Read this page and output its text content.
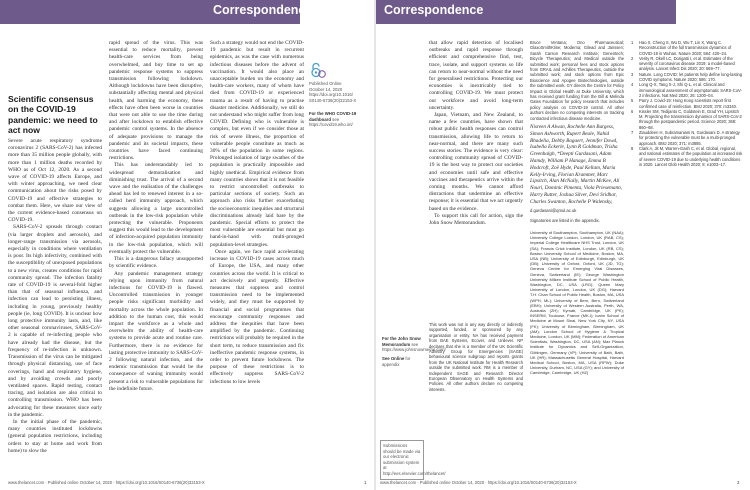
Correspondence
Scientific consensus on the COVID-19 pandemic: we need to act now

Severe acute respiratory syndrome coronavirus 2 (SARS-CoV-2) has infected more than 35 million people globally, with more than 1 million deaths recorded by WHO as of Oct 12, 2020. As a second wave of COVID-19 affects Europe, and with winter approaching, we need clear communication about the risks posed by COVID-19 and effective strategies to combat them. Here, we share our view of the current evidence-based consensus on COVID-19.

SARS-CoV-2 spreads through contact (via larger droplets and aerosols), and longer-range transmission via aerosols, especially in conditions where ventilation is poor. Its high infectivity, combined with the susceptibility of unexposed populations to a new virus, creates conditions for rapid community spread. The infection fatality rate of COVID-19 is several-fold higher than that of seasonal influenza, and infection can lead to persisting illness, including in young, previously healthy people (ie, long COVID). It is unclear how long protective immunity lasts, and, like other seasonal coronaviruses, SARS-CoV-2 is capable of re-infecting people who have already had the disease, but the frequency of re-infection is unknown. Transmission of the virus can be mitigated through physical distancing, use of face coverings, hand and respiratory hygiene, and by avoiding crowds and poorly ventilated spaces. Rapid testing, contact tracing, and isolation are also critical to controlling transmission. WHO has been advocating for these measures since early in the pandemic.

In the initial phase of the pandemic, many countries instituted lockdowns (general population restrictions, including orders to stay at home and work from home) to slow the

rapid spread of the virus. This was essential to reduce mortality, prevent health-care services from being overwhelmed, and buy time to set up pandemic response systems to suppress transmission following lockdown. Although lockdowns have been disruptive, substantially affecting mental and physical health, and harming the economy, these effects have often been worse in countries that were not able to use the time during and after lockdown to establish effective pandemic control systems. In the absence of adequate provisions to manage the pandemic and its societal impacts, these countries have faced continuing restrictions.

This has understandably led to widespread demoralisation and diminishing trust. The arrival of a second wave and the realisation of the challenges ahead has led to renewed interest in a so-called herd immunity approach, which suggests allowing a large uncontrolled outbreak in the low-risk population while protecting the vulnerable. Proponents suggest this would lead to the development of infection-acquired population immunity in the low-risk population, which will eventually protect the vulnerable.

This is a dangerous fallacy unsupported by scientific evidence.

Any pandemic management strategy relying upon immunity from natural infections for COVID-19 is flawed. Uncontrolled transmission in younger people risks significant morbidity and mortality across the whole population. In addition to the human cost, this would impact the workforce as a whole and overwhelm the ability of health-care systems to provide acute and routine care. Furthermore, there is no evidence for lasting protective immunity to SARS-CoV-2 following natural infection, and the endemic transmission that would be the consequence of waning immunity would present a risk to vulnerable populations for the indefinite future.

Such a strategy would not end the COVID-19 pandemic but result in recurrent epidemics, as was the case with numerous infectious diseases before the advent of vaccination. It would also place an unacceptable burden on the economy and health-care workers, many of whom have died from COVID-19 or experienced trauma as a result of having to practise disaster medicine. Additionally, we still do not understand who might suffer from long COVID. Defining who is vulnerable is complex, but even if we consider those at risk of severe illness, the proportion of vulnerable people constitute as much as 30% of the population in some regions. Prolonged isolation of large swathes of the population is practically impossible and highly unethical. Empirical evidence from many countries shows that it is not feasible to restrict uncontrolled outbreaks to particular sections of society. Such an approach also risks further exacerbating the socioeconomic inequities and structural discriminations already laid bare by the pandemic. Special efforts to protect the most vulnerable are essential but must go hand-in-hand with multi-pronged population-level strategies.

Once again, we face rapid accelerating increase in COVID-19 cases across much of Europe, the USA, and many other countries across the world. It is critical to act decisively and urgently. Effective measures that suppress and control transmission need to be implemented widely, and they must be supported by financial and social programmes that encourage community responses and address the inequities that have been amplified by the pandemic. Continuing restrictions will probably be required in the short term, to reduce transmission and fix ineffective pandemic response systems, in order to prevent future lockdowns. The purpose of these restrictions is to effectively suppress SARS-CoV-2 infections to low levels

Published Online
October 14, 2020
https://doi.org/10.1016/
S0140-6736(20)32153-X
For the WHO COVID-19 dashboard see https://covid19.who.int/
www.thelancet.com · Published online October 14, 2020 · https://doi.org/10.1016/S0140-6736(20)32153-X	1
Correspondence
For the John Snow Memorandum see https://www.johnsnowmemo.com/
See Online for appendix
Submissions should be made via our electronic submission system at http://ees.elsevier.com/thelancet/

that allow rapid detection of localised outbreaks and rapid response through efficient and comprehensive find, test, trace, isolate, and support systems so life can return to near-normal without the need for generalised restrictions. Protecting our economies is inextricably tied to controlling COVID-19. We must protect our workforce and avoid long-term uncertainty.

Japan, Vietnam, and New Zealand, to name a few countries, have shown that robust public health responses can control transmission, allowing life to return to near-normal, and there are many such success stories. The evidence is very clear: controlling community spread of COVID-19 is the best way to protect our societies and economies until safe and effective vaccines and therapeutics arrive within the coming months. We cannot afford distractions that undermine an effective response; it is essential that we act urgently based on the evidence.

To support this call for action, sign the John Snow Memorandum.

This work was not in any way directly or indirectly supported, funded, or sponsored by any organisation or entity. NA has received payment from BAE Systems, Ecover, and Unilever. NP declares that she is a member of the UK Scientific Advisory Group for Emergencies (SAGE) behavioural science subgroup and reports grants from the UK National Institute for Health Research outside the submitted work. RM is a member of Independent SAGE and Research Director European Observatory on Health Systems and Policies. All other authors declare no competing interests.
Bruce Ventana; Ono Pharmaceutical; GlaxoSmithKline; Moderna; Gilead and Janssen; Sarah Carson Research Institute; Genentech; Bicycle Therapeutics; and Medical outside the submitted work; personal fees and stock options from GRAIL and Achilles Therapeutics, outside the submitted work; and stock options from Epic Bioscience and Apogee Biotechnologies, outside the submitted work. GY directs the Centre for Policy Impact in Global Health at Duke University, which has received grant funding from the Bill & Melinda Gates Foundation for policy research that includes policy analysis on COVID-19 control. All other authors declare no competing interests on tracking contracted infectious disease medicine.
Nisreen A Alwan, Rochelle Ann Burgess, Simon Ashworth, Rupert Beale, Nahid Bhadelia, Debby Bogaert, Jennifer Dowd, Isabella Eckerle, Lynn R Goldman, Trisha Greenhalgh, *Deepti Gurdasani, Adam Hamdy, William P Hanage, Emma B Hodcroft, Zoë Hyde, Paul Kellam, Maria Kelly-Irving, Florian Krammer, Marc Lipsitch, Alan McNally, Martin McKee, Ali Nouri, Dominic Pimenta, Viola Priesemann, Harry Rutter, Joshua Silver, Devi Sridhar, Charles Swanton, Rochelle P Walensky,
d.gurdasani@qmul.ac.uk
Signatories are listed in the appendix.
University of Southampton, Southampton, UK (NAA); University College London, London, UK (RAB, CS); Imperial College Healthcare NHS Trust, London, UK (SA); Francis Crick Institute, London, UK (RB, CS); Boston University School of Medicine, Boston, MA, USA (NB); University of Edinburgh, Edinburgh, UK (DB); University of Oxford, Oxford, UK (JD, TG); Geneva Centre for Emerging Viral Diseases, Geneva, Switzerland (IE); George Washington University Milken Institute School of Public Health, Washington, DC, USA (LRG); Queen Mary University of London, London, UK (DG); Harvard T.H. Chan School of Public Health, Boston, MA, USA (WPH, ML); University of Bern, Bern, Switzerland (EBH); University of Western Australia, Perth, WA, Australia (ZH); Kymab, Cambridge, UK (PK); INSERM, Toulouse, France (MK-I); Icahn School of Medicine at Mount Sinai, New York City, NY, USA (FK); University of Birmingham, Birmingham, UK (AM); London School of Hygiene & Tropical Medicine, London, UK (MM); Federation of American Scientists, Washington, DC, USA (AN); Max Planck Institute for Dynamics and Self-Organization, Göttingen, Germany (VP); University of Bath, Bath, UK (HR); Massachusetts General Hospital, Harvard Medical School, Boston, MA, USA (RPW); Duke University, Durham, NC, USA (GY); and University of Cambridge, Cambridge, UK (HZ)
1	Hao X, Cheng S, Wu D, Wu T, Lin X, Wang C. Reconstruction of the full transmission dynamics of COVID-19 in Wuhan. Nature 2020; 584: 420–24.
2	Verity R, Okell LC, Dorigatti I, et al. Estimates of the severity of coronavirus disease 2019: a model-based analysis. Lancet Infect Dis 2020; 20: 669–77.
3	Nature. Long COVID: let patients help define long-lasting COVID symptoms. Nature 2020; 586: 170.
4	Long Q-X, Tang X-J, Shi Q-L, et al. Clinical and immunological assessment of asymptomatic SARS-CoV-2 infections. Nat Med 2020; 26: 1200–04.
5	Parry J. Covid-19: Hong Kong scientists report first confirmed case of reinfection. BMJ 2020; 370: m3340.
6	Kissler SM, Tedijanto C, Goldstein E, Grad YH, Lipsitch M. Projecting the transmission dynamics of SARS-CoV-2 through the postpandemic period. Science 2020; 368: 860–68.
7	Ziauddeen H, Subramaniam N, Gurdasani D. A strategy for protecting the vulnerable must be a multi-pronged approach. BMJ 2020; 371: m3885.
8	Clark A, Jit M, Warren-Gash C, et al. Global, regional, and national estimates of the population at increased risk of severe COVID-19 due to underlying health conditions in 2020. Lancet Glob Health 2020; 8: e1003–17.
www.thelancet.com · Published online October 14, 2020 · https://doi.org/10.1016/S0140-6736(20)32153-X	2
